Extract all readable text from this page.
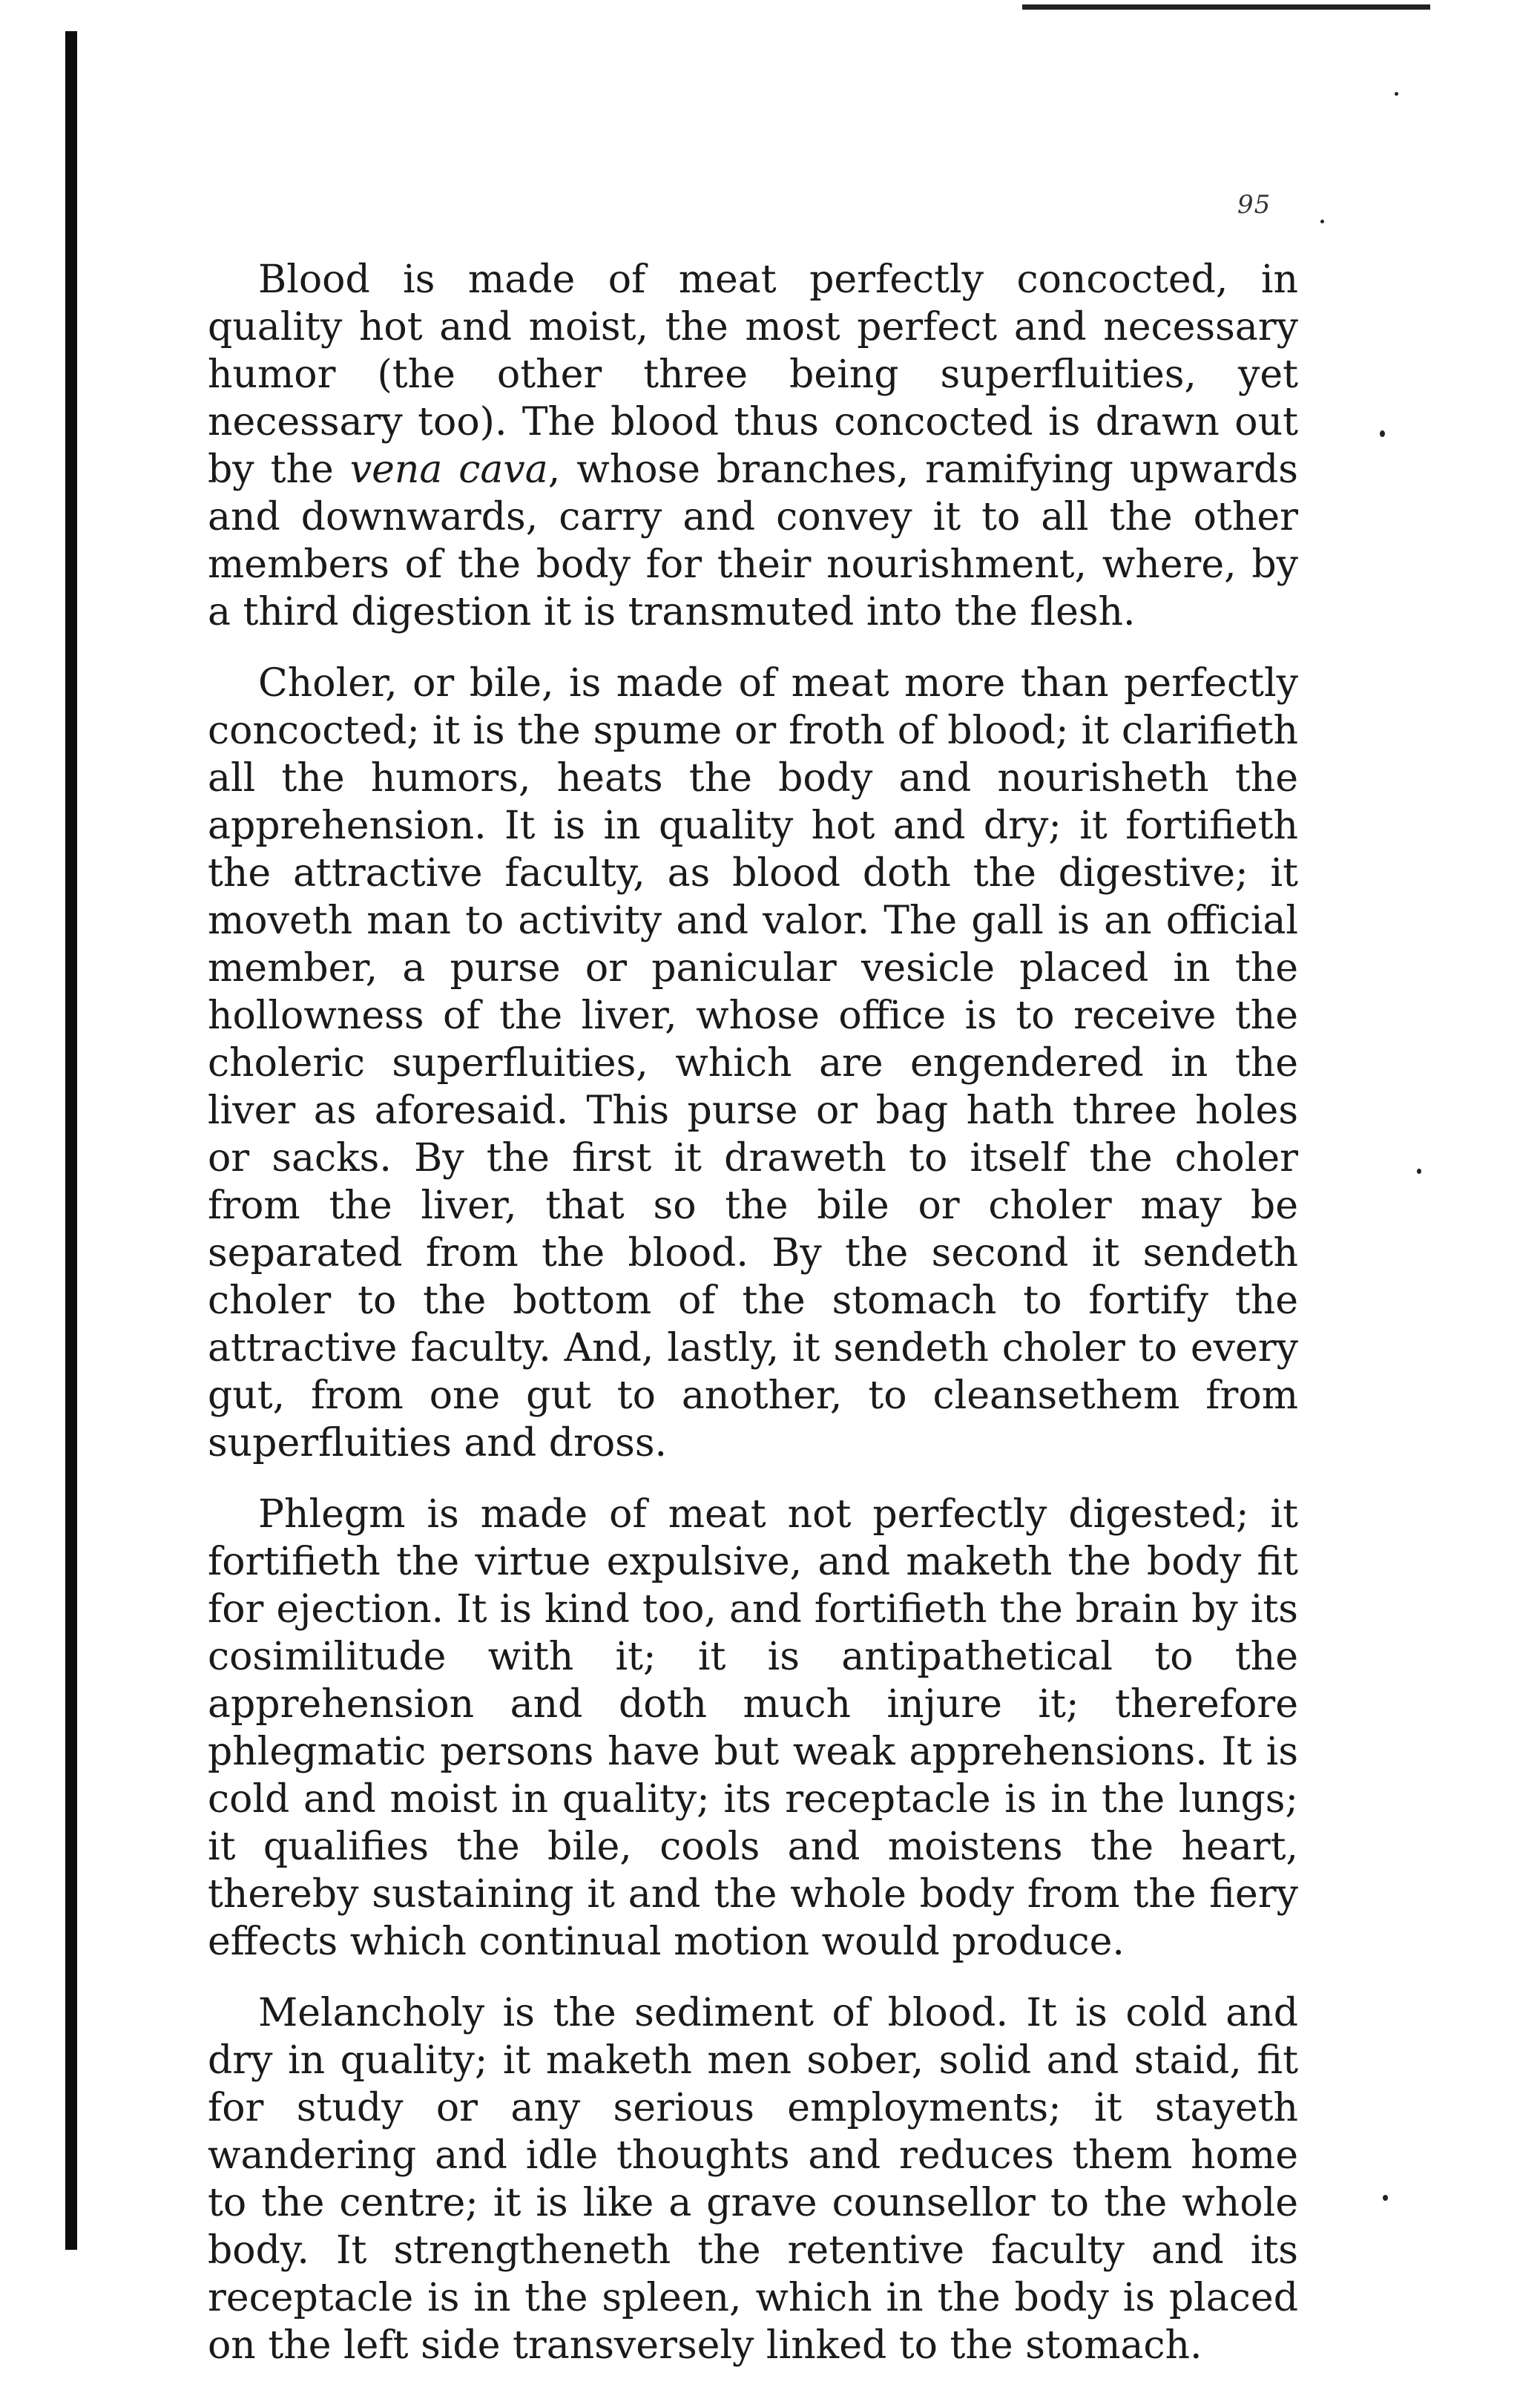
95

Blood is made of meat perfectly concocted, in quality hot and moist, the most perfect and necessary humor (the other three being superfluities, yet necessary too). The blood thus concocted is drawn out by the vena cava, whose branches, ramifying upwards and downwards, carry and convey it to all the other members of the body for their nourishment, where, by a third digestion it is transmuted into the flesh.

Choler, or bile, is made of meat more than perfectly concocted; it is the spume or froth of blood; it clarifieth all the humors, heats the body and nourisheth the apprehension. It is in quality hot and dry; it fortifieth the attractive faculty, as blood doth the digestive; it moveth man to activity and valor. The gall is an official member, a purse or panicular vesicle placed in the hollowness of the liver, whose office is to receive the choleric superfluities, which are engendered in the liver as aforesaid. This purse or bag hath three holes or sacks. By the first it draweth to itself the choler from the liver, that so the bile or choler may be separated from the blood. By the second it sendeth choler to the bottom of the stomach to fortify the attractive faculty. And, lastly, it sendeth choler to every gut, from one gut to another, to cleansethem from superfluities and dross.

Phlegm is made of meat not perfectly digested; it fortifieth the virtue expulsive, and maketh the body fit for ejection. It is kind too, and fortifieth the brain by its cosimilitude with it; it is antipathetical to the apprehension and doth much injure it; therefore phlegmatic persons have but weak apprehensions. It is cold and moist in quality; its receptacle is in the lungs; it qualifies the bile, cools and moistens the heart, thereby sustaining it and the whole body from the fiery effects which continual motion would produce.

Melancholy is the sediment of blood. It is cold and dry in quality; it maketh men sober, solid and staid, fit for study or any serious employments; it stayeth wandering and idle thoughts and reduces them home to the centre; it is like a grave counsellor to the whole body. It strengtheneth the retentive faculty and its receptacle is in the spleen, which in the body is placed on the left side transversely linked to the stomach.
